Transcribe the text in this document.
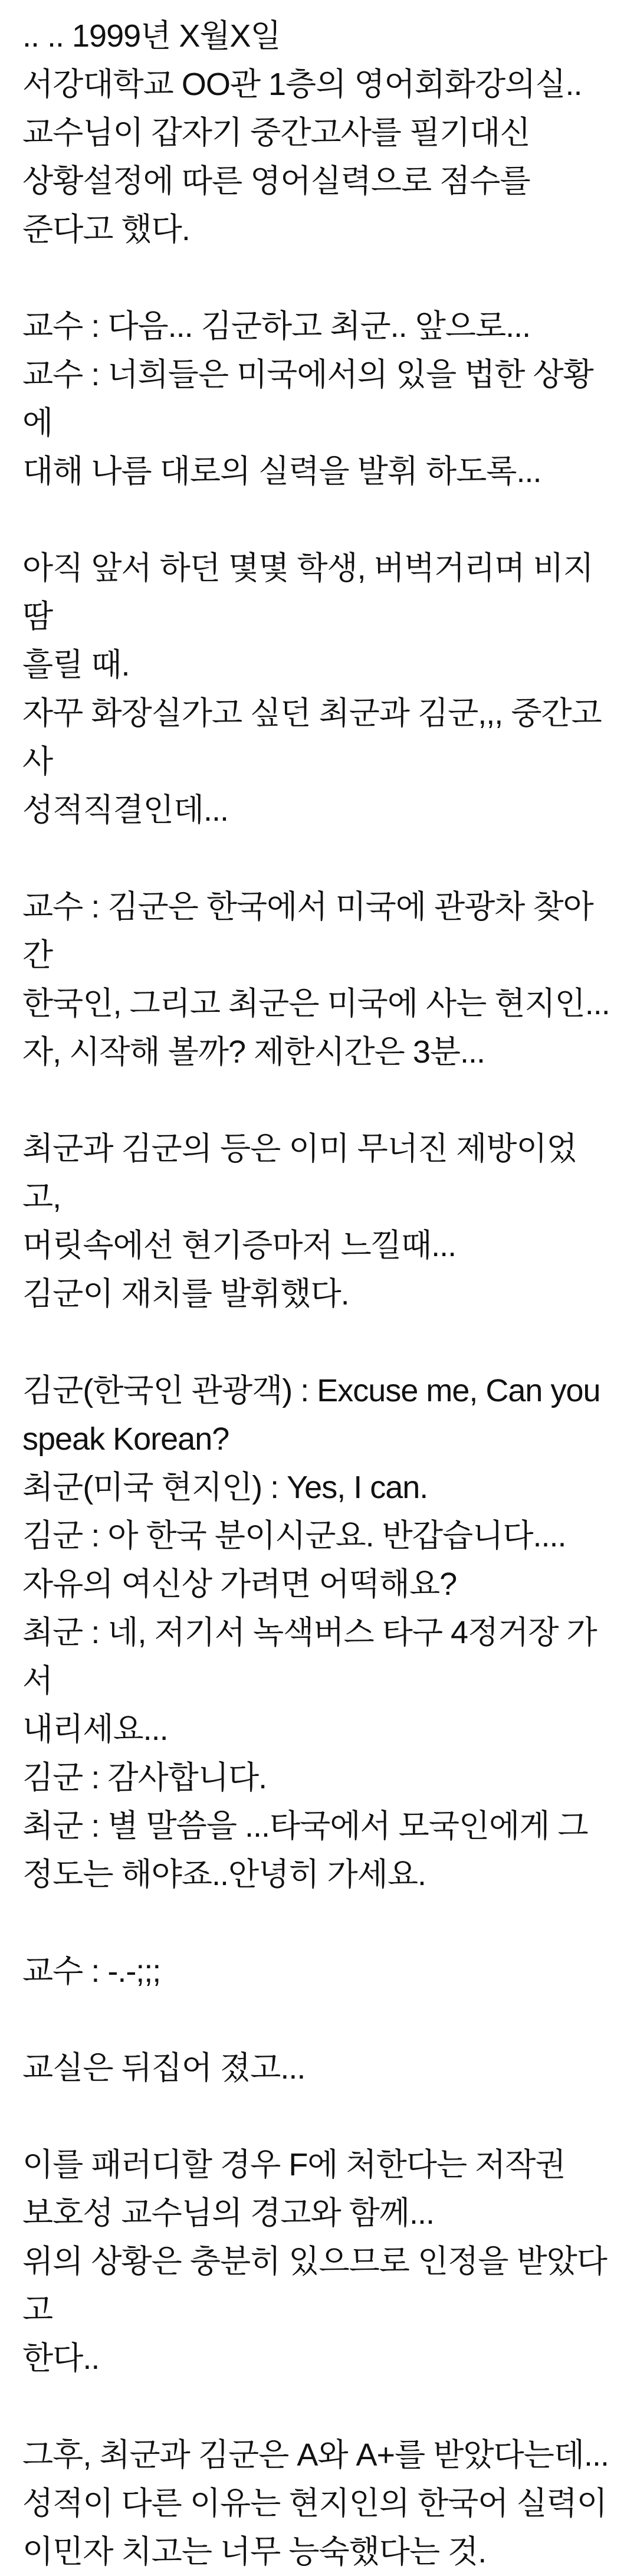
.. .. 1999년 X월X일
서강대학교 OO관 1층의 영어회화강의실..
교수님이 갑자기 중간고사를 필기대신
상황설정에 따른 영어실력으로 점수를
준다고 했다.
교수 : 다음... 김군하고 최군.. 앞으로...
교수 : 너희들은 미국에서의 있을 법한 상황에
대해 나름 대로의 실력을 발휘 하도록...
아직 앞서 하던 몇몇 학생, 버벅거리며 비지땀
흘릴 때.
자꾸 화장실가고 싶던 최군과 김군,,, 중간고사
성적직결인데...
교수 : 김군은 한국에서 미국에 관광차 찾아간
한국인, 그리고 최군은 미국에 사는 현지인...
자, 시작해 볼까? 제한시간은 3분...
최군과 김군의 등은 이미 무너진 제방이었고,
머릿속에선 현기증마저 느낄때...
김군이 재치를 발휘했다.
김군(한국인 관광객) : Excuse me, Can you
speak Korean?
최군(미국 현지인) : Yes, I can.
김군 : 아 한국 분이시군요. 반갑습니다....
자유의 여신상 가려면 어떡해요?
최군 : 네, 저기서 녹색버스 타구 4정거장 가서
내리세요...
김군 : 감사합니다.
최군 : 별 말씀을 ...타국에서 모국인에게 그
정도는 해야죠..안녕히 가세요.
교수 : -.-;;;
교실은 뒤집어 졌고...
이를 패러디할 경우 F에 처한다는 저작권
보호성 교수님의 경고와 함께...
위의 상황은 충분히 있으므로 인정을 받았다고
한다..
그후, 최군과 김군은 A와 A+를 받았다는데...
성적이 다른 이유는 현지인의 한국어 실력이
이민자 치고는 너무 능숙했다는 것.
